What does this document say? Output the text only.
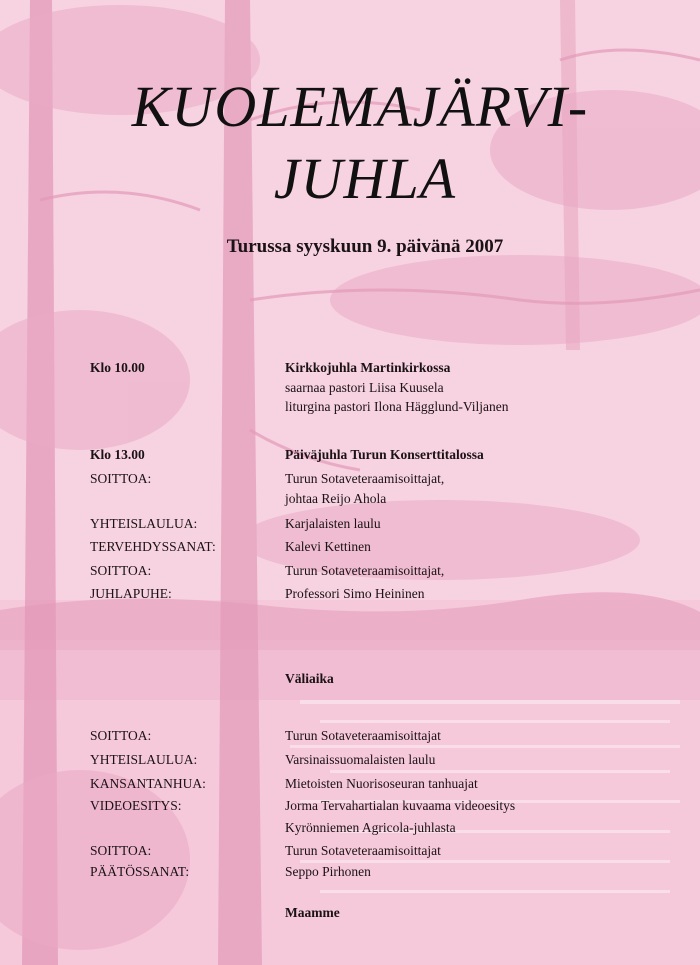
KUOLEMAJÄRVI-
JUHLA
Turussa syyskuun 9. päivänä 2007
Klo 10.00	Kirkkojuhla Martinkirkossa
saarnaa pastori Liisa Kuusela
liturgina pastori Ilona Hägglund-Viljanen
Klo 13.00	Päiväjuhla Turun Konserttitalossa
SOITTOA:	Turun Sotaveteraamisoittajat,
johtaa Reijo Ahola
YHTEISLAULUA:	Karjalaisten laulu
TERVEHDYSSANAT:	Kalevi Kettinen
SOITTOA:	Turun Sotaveteraamisoittajat,
JUHLAPUHE:	Professori Simo Heininen
Väliaika
SOITTOA:	Turun Sotaveteraamisoittajat
YHTEISLAULUA:	Varsinaissuomalaisten laulu
KANSANTANHUA:	Mietoisten Nuorisoseuran tanhuajat
VIDEOESITYS:	Jorma Tervahartialan kuvaama videoesitys
Kyrönniemen Agricola-juhlasta
SOITTOA:	Turun Sotaveteraamisoittajat
PÄÄTÖSSANAT:	Seppo Pirhonen
Maamme
